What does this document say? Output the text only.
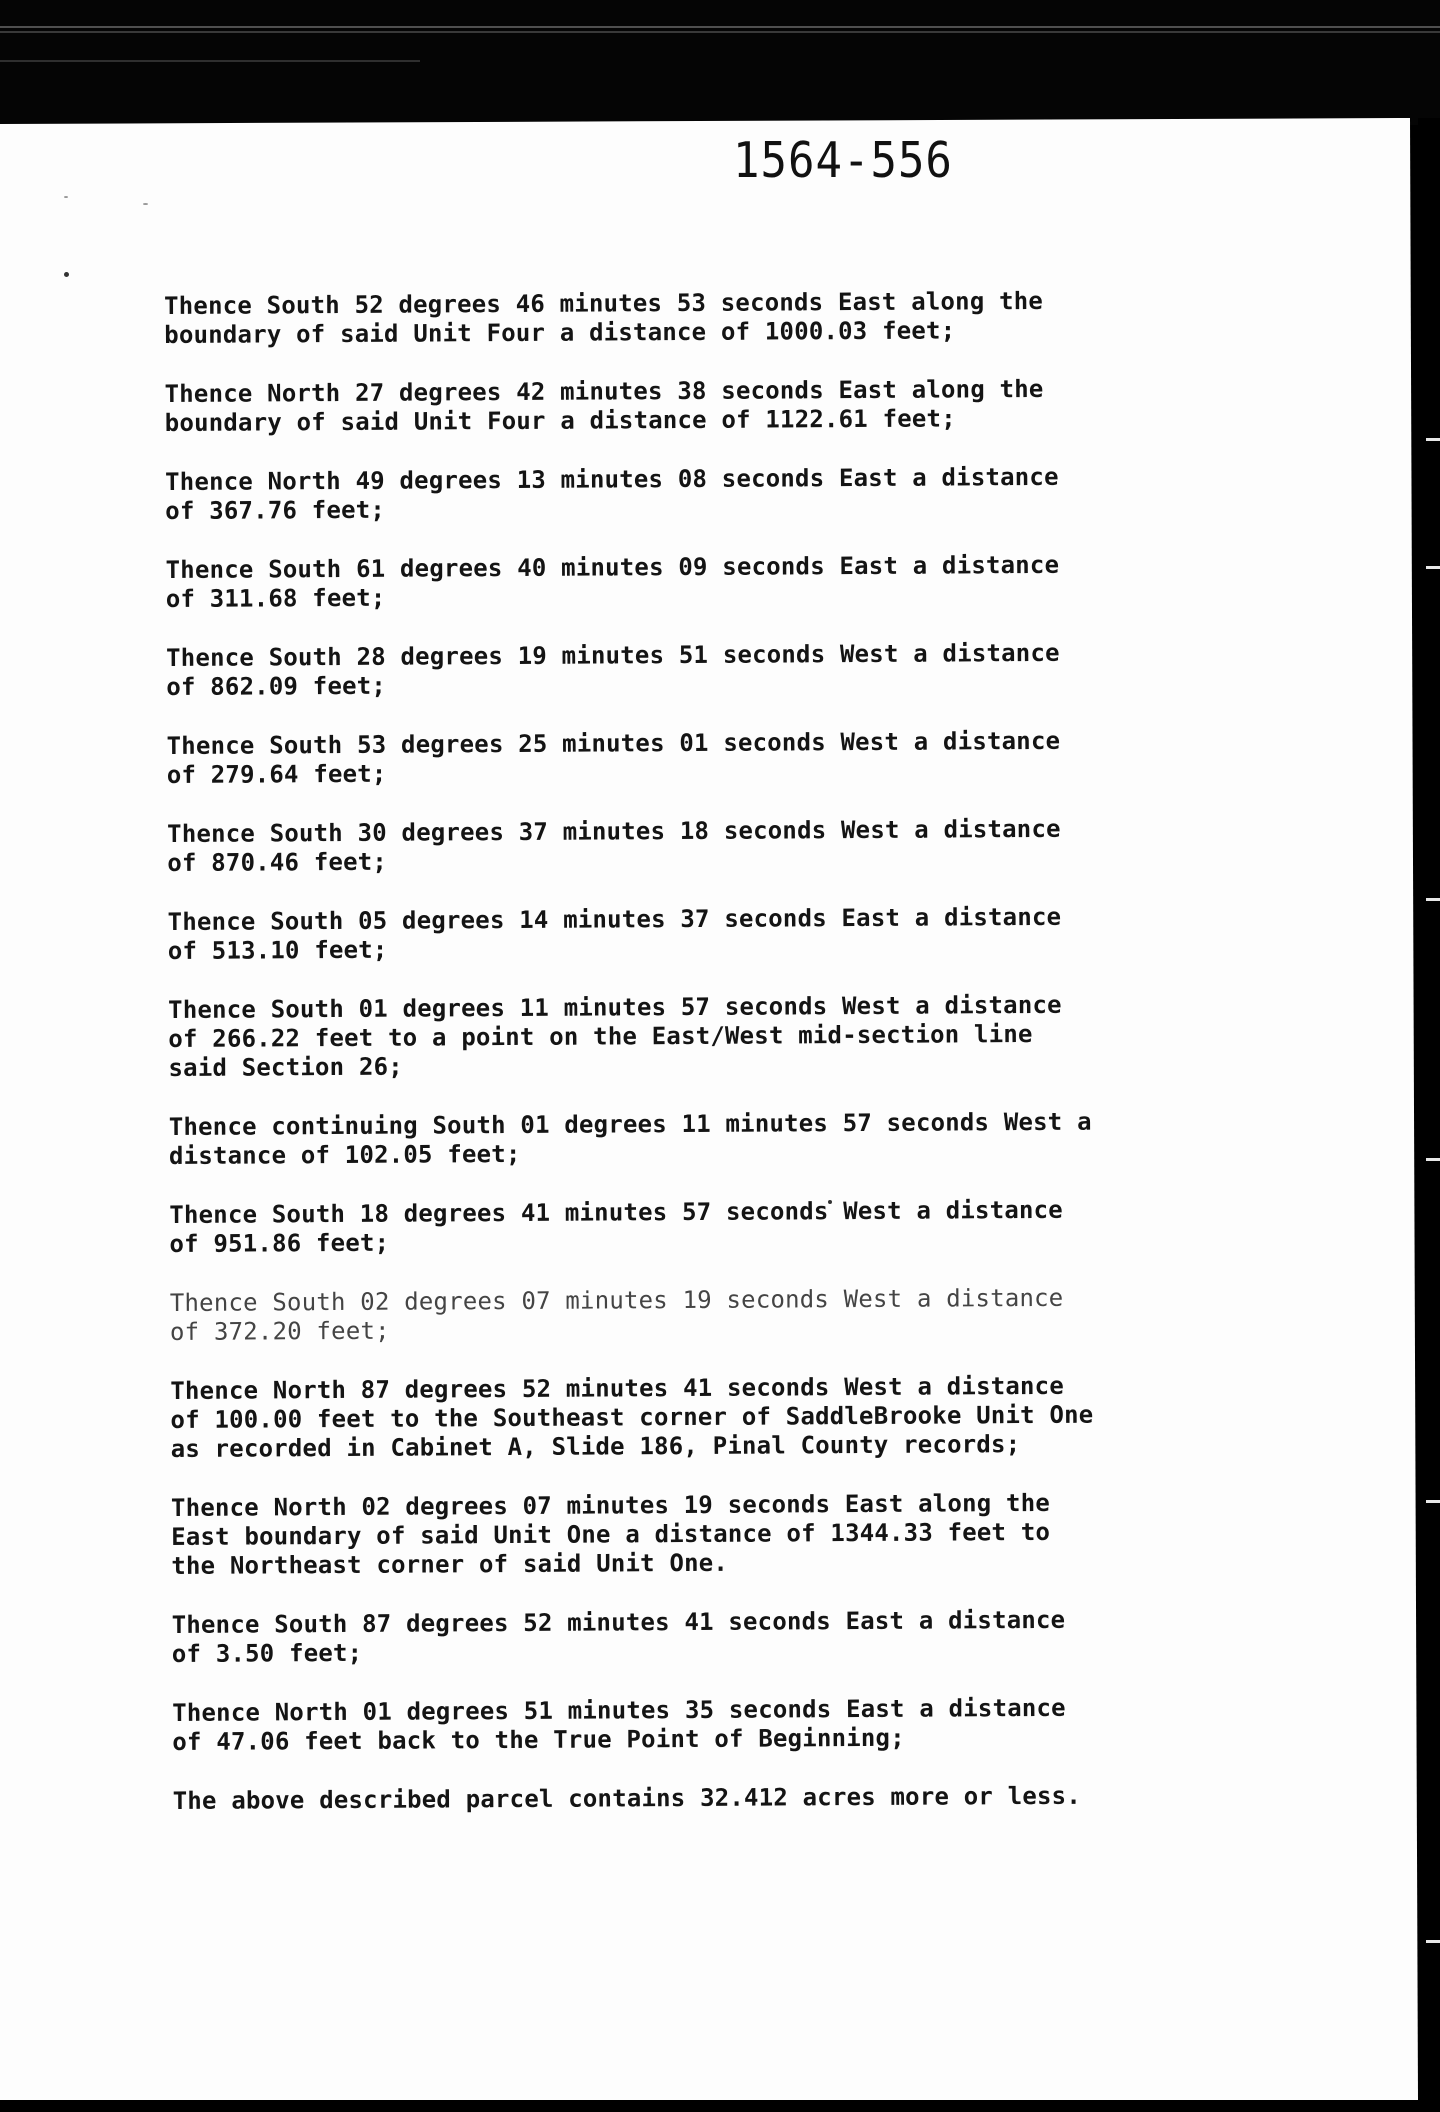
1564-556

Thence South 52 degrees 46 minutes 53 seconds East along the
boundary of said Unit Four a distance of 1000.03 feet;

Thence North 27 degrees 42 minutes 38 seconds East along the
boundary of said Unit Four a distance of 1122.61 feet;

Thence North 49 degrees 13 minutes 08 seconds East a distance
of 367.76 feet;

Thence South 61 degrees 40 minutes 09 seconds East a distance
of 311.68 feet;

Thence South 28 degrees 19 minutes 51 seconds West a distance
of 862.09 feet;

Thence South 53 degrees 25 minutes 01 seconds West a distance
of 279.64 feet;

Thence South 30 degrees 37 minutes 18 seconds West a distance
of 870.46 feet;

Thence South 05 degrees 14 minutes 37 seconds East a distance
of 513.10 feet;

Thence South 01 degrees 11 minutes 57 seconds West a distance
of 266.22 feet to a point on the East/West mid-section line
said Section 26;

Thence continuing South 01 degrees 11 minutes 57 seconds West a
distance of 102.05 feet;

Thence South 18 degrees 41 minutes 57 seconds West a distance
of 951.86 feet;

Thence South 02 degrees 07 minutes 19 seconds West a distance
of 372.20 feet;

Thence North 87 degrees 52 minutes 41 seconds West a distance
of 100.00 feet to the Southeast corner of SaddleBrooke Unit One
as recorded in Cabinet A, Slide 186, Pinal County records;

Thence North 02 degrees 07 minutes 19 seconds East along the
East boundary of said Unit One a distance of 1344.33 feet to
the Northeast corner of said Unit One.

Thence South 87 degrees 52 minutes 41 seconds East a distance
of 3.50 feet;

Thence North 01 degrees 51 minutes 35 seconds East a distance
of 47.06 feet back to the True Point of Beginning;

The above described parcel contains 32.412 acres more or less.
